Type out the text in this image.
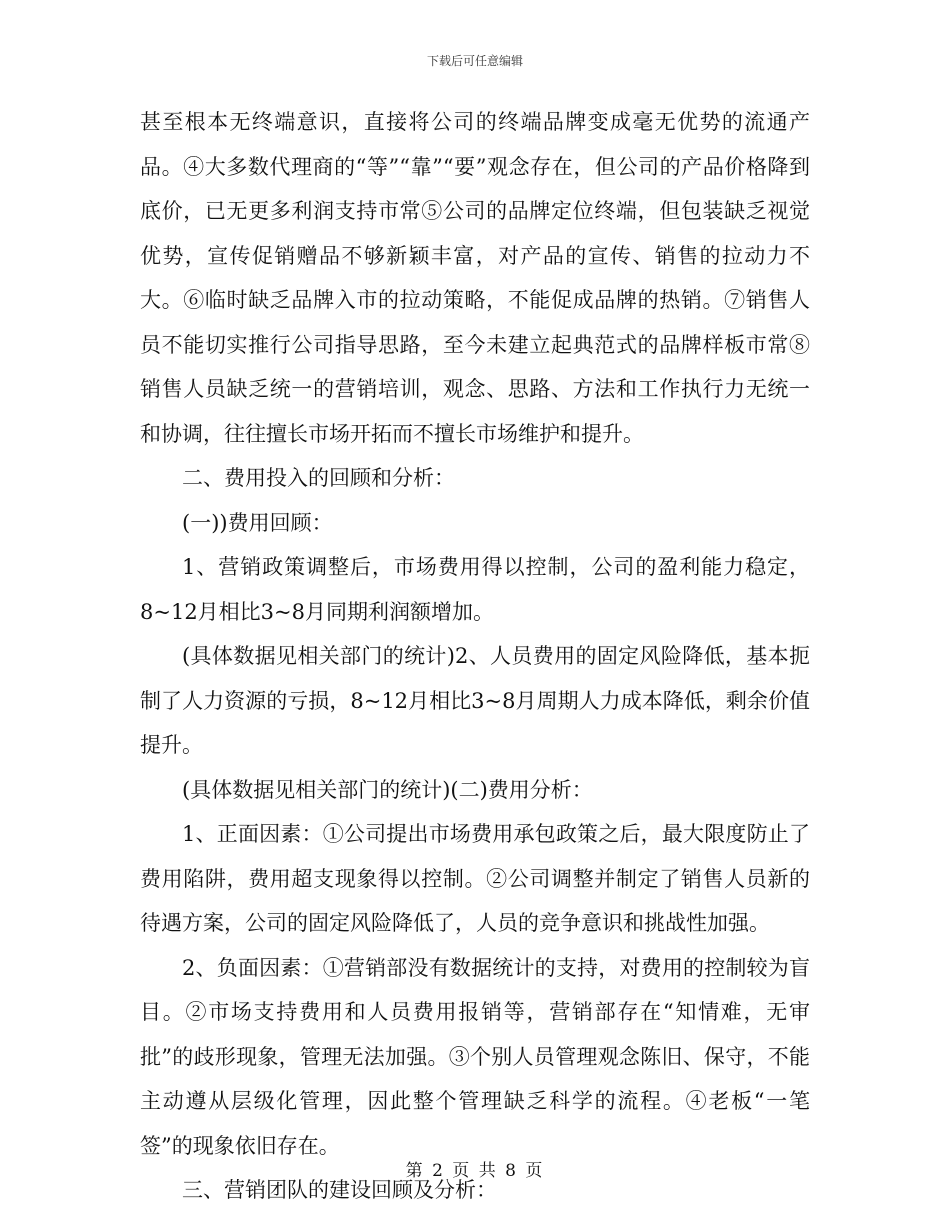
下载后可任意编辑

甚至根本无终端意识，直接将公司的终端品牌变成毫无优势的流通产品。④大多数代理商的“等”“靠”“要”观念存在，但公司的产品价格降到底价，已无更多利润支持市常⑤公司的品牌定位终端，但包装缺乏视觉优势，宣传促销赠品不够新颖丰富，对产品的宣传、销售的拉动力不大。⑥临时缺乏品牌入市的拉动策略，不能促成品牌的热销。⑦销售人员不能切实推行公司指导思路，至今未建立起典范式的品牌样板市常⑧销售人员缺乏统一的营销培训，观念、思路、方法和工作执行力无统一和协调，往往擅长市场开拓而不擅长市场维护和提升。

二、费用投入的回顾和分析：

(一))费用回顾：

1、营销政策调整后，市场费用得以控制，公司的盈利能力稳定，8~12月相比3~8月同期利润额增加。

(具体数据见相关部门的统计)2、人员费用的固定风险降低，基本扼制了人力资源的亏损，8~12月相比3~8月周期人力成本降低，剩余价值提升。

(具体数据见相关部门的统计)(二)费用分析：

1、正面因素：①公司提出市场费用承包政策之后，最大限度防止了费用陷阱，费用超支现象得以控制。②公司调整并制定了销售人员新的待遇方案，公司的固定风险降低了，人员的竞争意识和挑战性加强。

2、负面因素：①营销部没有数据统计的支持，对费用的控制较为盲目。②市场支持费用和人员费用报销等，营销部存在“知情难，无审批”的歧形现象，管理无法加强。③个别人员管理观念陈旧、保守，不能主动遵从层级化管理，因此整个管理缺乏科学的流程。④老板“一笔签”的现象依旧存在。

三、营销团队的建设回顾及分析：

第 2 页 共 8 页
